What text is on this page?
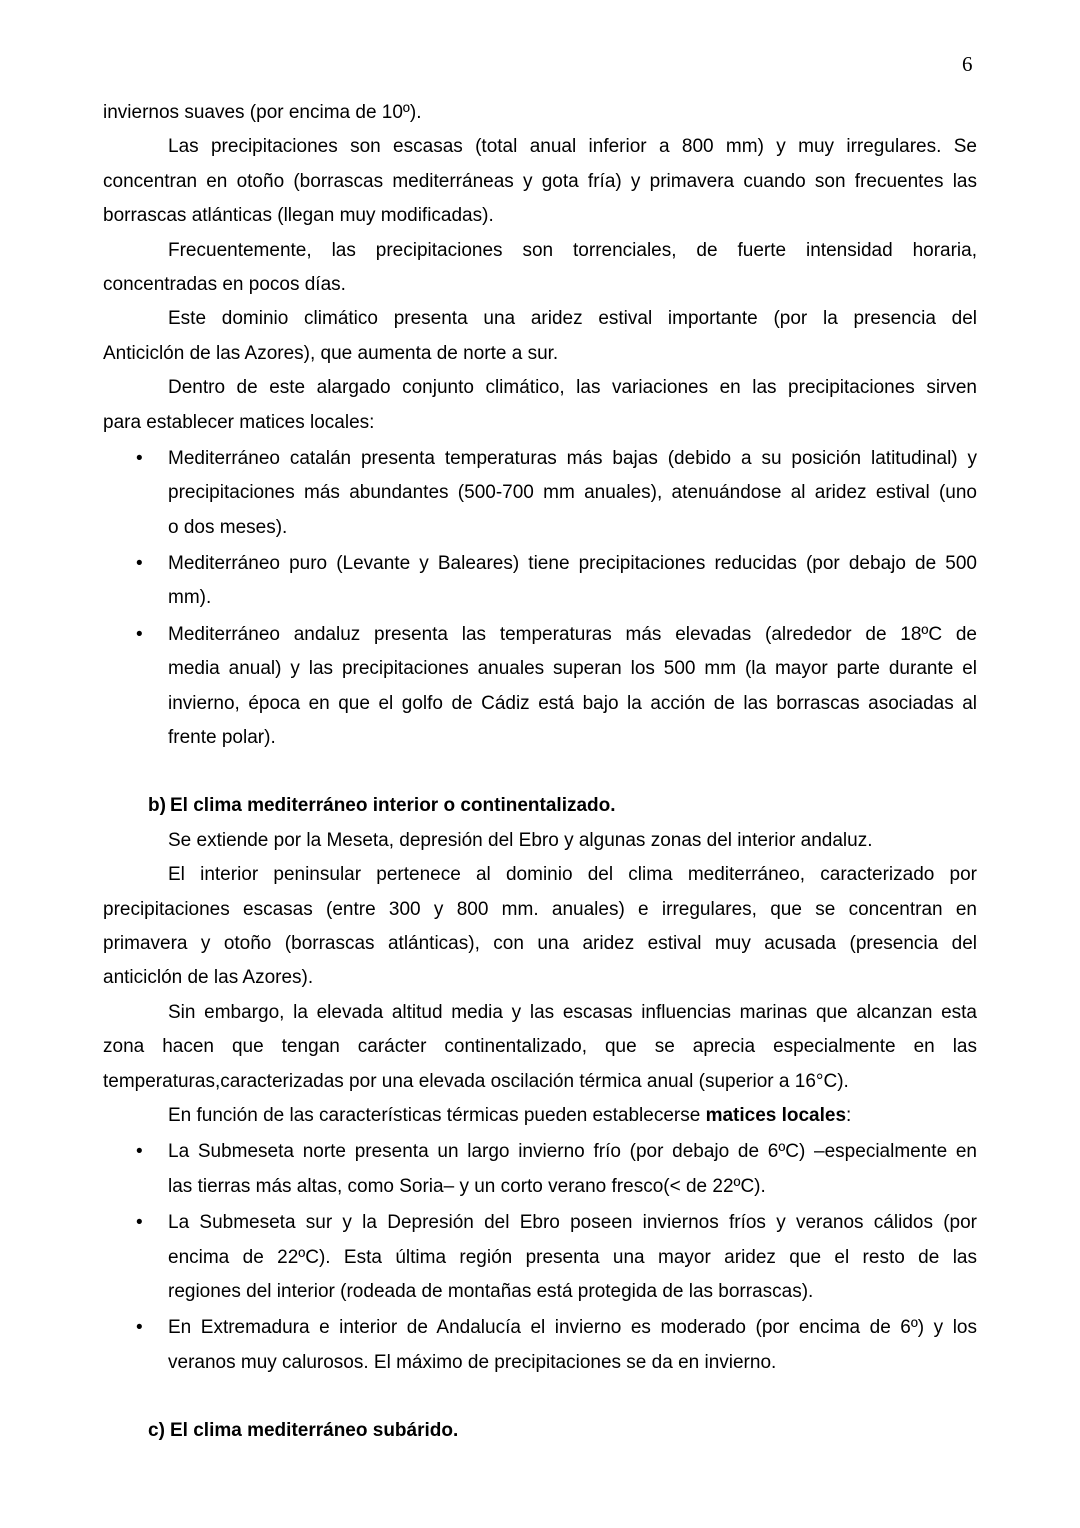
6
inviernos suaves (por encima de 10º).
Las precipitaciones son escasas (total anual inferior a 800 mm) y muy irregulares. Se
concentran en otoño (borrascas mediterráneas y gota fría) y primavera cuando son frecuentes las
borrascas atlánticas (llegan muy modificadas).
Frecuentemente, las precipitaciones son torrenciales, de fuerte intensidad horaria,
concentradas en pocos días.
Este dominio climático presenta una aridez estival importante (por la presencia del
Anticiclón de las Azores), que aumenta de norte a sur.
Dentro de este alargado conjunto climático, las variaciones en las precipitaciones sirven
para establecer matices locales:
• Mediterráneo catalán presenta temperaturas más bajas (debido a su posición latitudinal) y
precipitaciones más abundantes (500-700 mm anuales), atenuándose al aridez estival (uno
o dos meses).
• Mediterráneo puro (Levante y Baleares) tiene precipitaciones reducidas (por debajo de 500
mm).
• Mediterráneo andaluz presenta las temperaturas más elevadas (alrededor de 18ºC de
media anual) y las precipitaciones anuales superan los 500 mm (la mayor parte durante el
invierno, época en que el golfo de Cádiz está bajo la acción de las borrascas asociadas al
frente polar).
b) El clima mediterráneo interior o continentalizado.
Se extiende por la Meseta, depresión del Ebro y algunas zonas del interior andaluz.
El interior peninsular pertenece al dominio del clima mediterráneo, caracterizado por
precipitaciones escasas (entre 300 y 800 mm. anuales) e irregulares, que se concentran en
primavera y otoño (borrascas atlánticas), con una aridez estival muy acusada (presencia del
anticiclón de las Azores).
Sin embargo, la elevada altitud media y las escasas influencias marinas que alcanzan esta
zona hacen que tengan carácter continentalizado, que se aprecia especialmente en las
temperaturas,caracterizadas por una elevada oscilación térmica anual (superior a 16°C).
En función de las características térmicas pueden establecerse matices locales:
• La Submeseta norte presenta un largo invierno frío (por debajo de 6ºC) –especialmente en
las tierras más altas, como Soria– y un corto verano fresco(< de 22ºC).
• La Submeseta sur y la Depresión del Ebro poseen inviernos fríos y veranos cálidos (por
encima de 22ºC). Esta última región presenta una mayor aridez que el resto de las
regiones del interior (rodeada de montañas está protegida de las borrascas).
• En Extremadura e interior de Andalucía el invierno es moderado (por encima de 6º) y los
veranos muy calurosos. El máximo de precipitaciones se da en invierno.
c) El clima mediterráneo subárido.
